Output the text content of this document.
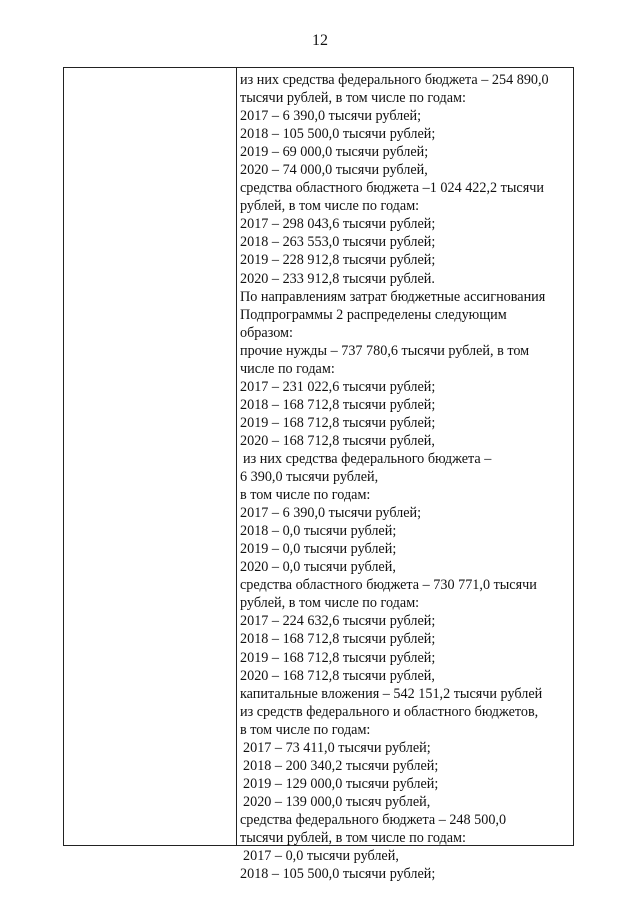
12
из них средства федерального бюджета – 254 890,0
тысячи рублей, в том числе по годам:
2017 – 6 390,0 тысячи рублей;
2018 – 105 500,0 тысячи рублей;
2019 – 69 000,0 тысячи рублей;
2020 – 74 000,0 тысячи рублей,
средства областного бюджета –1 024 422,2 тысячи
рублей, в том числе по годам:
2017 – 298 043,6 тысячи рублей;
2018 – 263 553,0 тысячи рублей;
2019 – 228 912,8 тысячи рублей;
2020 – 233 912,8 тысячи рублей.
По направлениям затрат бюджетные ассигнования
Подпрограммы 2 распределены следующим
образом:
прочие нужды – 737 780,6 тысячи рублей, в том
числе по годам:
2017 – 231 022,6 тысячи рублей;
2018 – 168 712,8 тысячи рублей;
2019 – 168 712,8 тысячи рублей;
2020 – 168 712,8 тысячи рублей,
из них средства федерального бюджета –
6 390,0 тысячи рублей,
в том числе по годам:
2017 – 6 390,0 тысячи рублей;
2018 – 0,0 тысячи рублей;
2019 – 0,0 тысячи рублей;
2020 – 0,0 тысячи рублей,
средства областного бюджета – 730 771,0 тысячи
рублей, в том числе по годам:
2017 – 224 632,6 тысячи рублей;
2018 – 168 712,8 тысячи рублей;
2019 – 168 712,8 тысячи рублей;
2020 – 168 712,8 тысячи рублей,
капитальные вложения – 542 151,2 тысячи рублей
из средств федерального и областного бюджетов,
в том числе по годам:
2017 – 73 411,0 тысячи рублей;
2018 – 200 340,2 тысячи рублей;
2019 – 129 000,0 тысячи рублей;
2020 – 139 000,0 тысяч рублей,
средства федерального бюджета – 248 500,0
тысячи рублей, в том числе по годам:
2017 – 0,0 тысячи рублей,
2018 – 105 500,0 тысячи рублей;
